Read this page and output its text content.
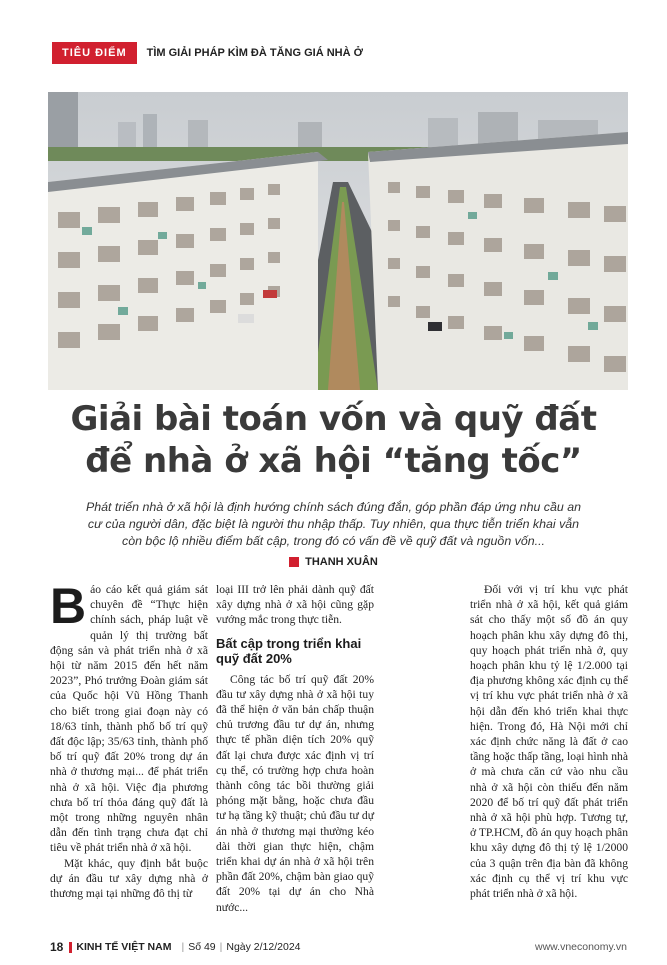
TIÊU ĐIỂM	TÌM GIẢI PHÁP KÌM ĐÀ TĂNG GIÁ NHÀ Ở
Giải bài toán vốn và quỹ đất
để nhà ở xã hội “tăng tốc”
Phát triển nhà ở xã hội là định hướng chính sách đúng đắn, góp phần đáp ứng nhu cầu an cư của người dân, đặc biệt là người thu nhập thấp. Tuy nhiên, qua thực tiễn triển khai vẫn còn bộc lộ nhiều điểm bất cập, trong đó có vấn đề về quỹ đất và nguồn vốn...
THANH XUÂN

Báo cáo kết quả giám sát chuyên đề “Thực hiện chính sách, pháp luật về quản lý thị trường bất động sản và phát triển nhà ở xã hội từ năm 2015 đến hết năm 2023”, Phó trưởng Đoàn giám sát của Quốc hội Vũ Hồng Thanh cho biết trong giai đoạn này có 18/63 tỉnh, thành phố bố trí quỹ đất độc lập; 35/63 tỉnh, thành phố bố trí quỹ đất 20% trong dự án nhà ở thương mại... để phát triển nhà ở xã hội. Việc địa phương chưa bố trí thỏa đáng quỹ đất là một trong những nguyên nhân dẫn đến tình trạng chưa đạt chỉ tiêu về phát triển nhà ở xã hội.

Mặt khác, quy định bắt buộc dự án đầu tư xây dựng nhà ở thương mại tại những đô thị từ

loại III trở lên phải dành quỹ đất xây dựng nhà ở xã hội cũng gặp vướng mắc trong thực tiễn.

Bất cập trong triển khai quỹ đất 20%

Công tác bố trí quỹ đất 20% đầu tư xây dựng nhà ở xã hội tuy đã thể hiện ở văn bản chấp thuận chủ trương đầu tư dự án, nhưng thực tế phần diện tích 20% quỹ đất lại chưa được xác định vị trí cụ thể, có trường hợp chưa hoàn thành công tác bồi thường giải phóng mặt bằng, hoặc chưa đầu tư hạ tầng kỹ thuật; chủ đầu tư dự án nhà ở thương mại thường kéo dài thời gian thực hiện, chậm triển khai dự án nhà ở xã hội trên phần đất 20%, chậm bàn giao quỹ đất 20% tại dự án cho Nhà nước...

Đối với vị trí khu vực phát triển nhà ở xã hội, kết quả giám sát cho thấy một số đồ án quy hoạch phân khu xây dựng đô thị, quy hoạch phát triển nhà ở, quy hoạch phân khu tỷ lệ 1/2.000 tại địa phương không xác định cụ thể vị trí khu vực phát triển nhà ở xã hội dẫn đến khó triển khai thực hiện. Trong đó, Hà Nội mới chỉ xác định chức năng là đất ở cao tầng hoặc thấp tầng, loại hình nhà ở mà chưa căn cứ vào nhu cầu nhà ở xã hội còn thiếu đến năm 2020 để bố trí quỹ đất phát triển nhà ở xã hội phù hợp. Tương tự, ở TP.HCM, đồ án quy hoạch phân khu xây dựng đô thị tỷ lệ 1/2000 của 3 quận trên địa bàn đã không xác định cụ thể vị trí khu vực phát triển nhà ở xã hội.

18 KINH TẾ VIỆT NAM | Số 49 | Ngày 2/12/2024	www.vneconomy.vn
